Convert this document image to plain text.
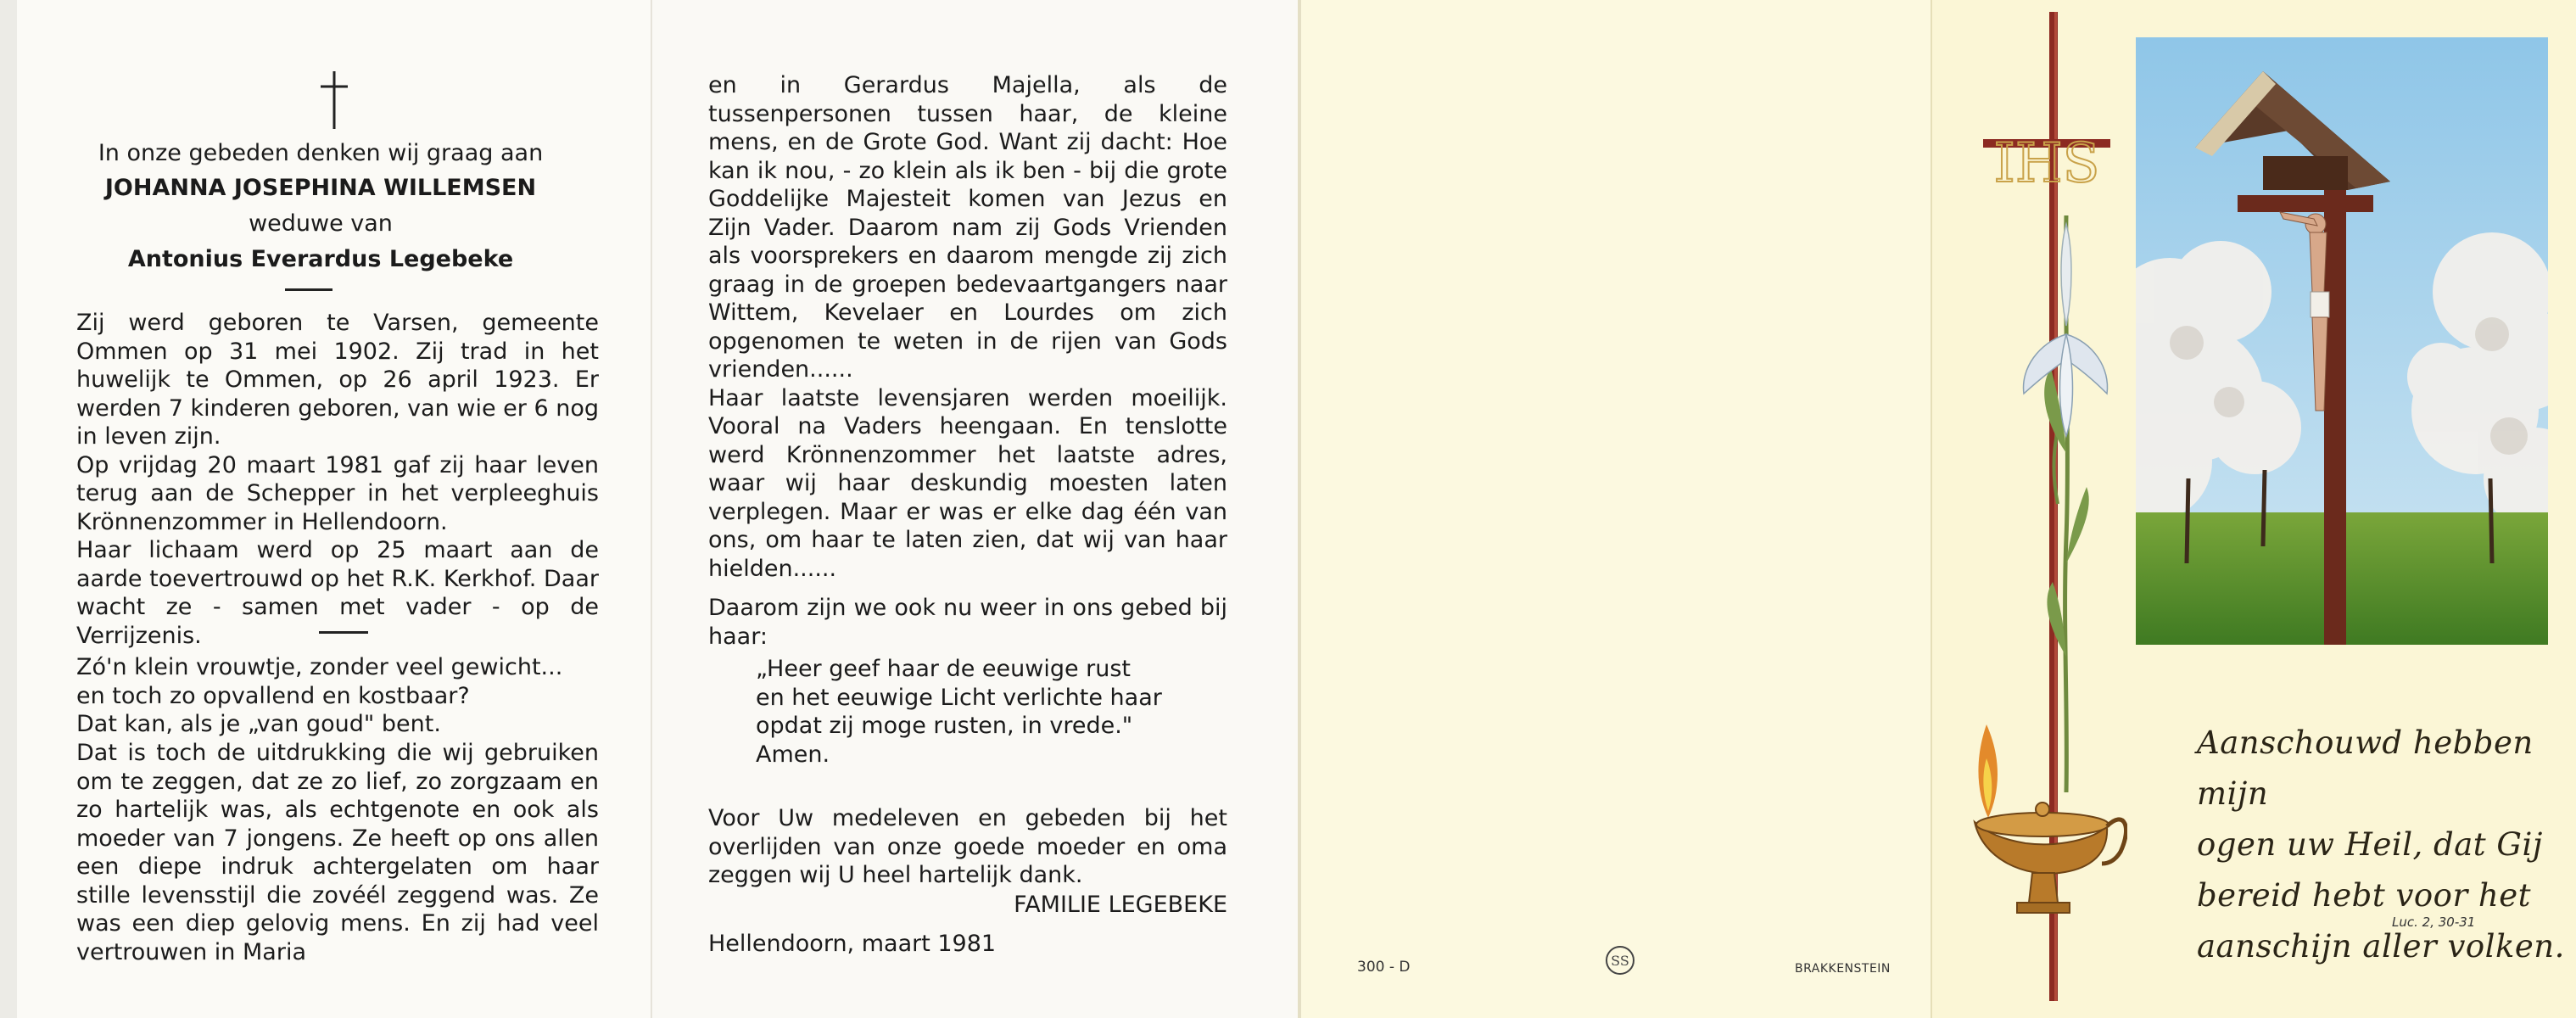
In onze gebeden denken wij graag aan
JOHANNA JOSEPHINA WILLEMSEN
weduwe van
Antonius Everardus Legebeke

Zij werd geboren te Varsen, gemeente Ommen op 31 mei 1902. Zij trad in het huwelijk te Ommen, op 26 april 1923. Er werden 7 kinderen geboren, van wie er 6 nog in leven zijn.

Op vrijdag 20 maart 1981 gaf zij haar leven terug aan de Schepper in het verpleeghuis Krönnenzommer in Hellendoorn.

Haar lichaam werd op 25 maart aan de aarde toevertrouwd op het R.K. Kerkhof. Daar wacht ze - samen met vader - op de Verrijzenis.

Zó'n klein vrouwtje, zonder veel gewicht...
en toch zo opvallend en kostbaar?
Dat kan, als je „van goud" bent.

Dat is toch de uitdrukking die wij gebruiken om te zeggen, dat ze zo lief, zo zorgzaam en zo hartelijk was, als echtgenote en ook als moeder van 7 jongens. Ze heeft op ons allen een diepe indruk achtergelaten om haar stille levensstijl die zovéél zeggend was. Ze was een diep gelovig mens. En zij had veel vertrouwen in Maria

en in Gerardus Majella, als de tussenpersonen tussen haar, de kleine mens, en de Grote God. Want zij dacht: Hoe kan ik nou, - zo klein als ik ben - bij die grote Goddelijke Majesteit komen van Jezus en Zijn Vader. Daarom nam zij Gods Vrienden als voorsprekers en daarom mengde zij zich graag in de groepen bedevaartgangers naar Wittem, Kevelaer en Lourdes om zich opgenomen te weten in de rijen van Gods vrienden......

Haar laatste levensjaren werden moeilijk. Vooral na Vaders heengaan. En tenslotte werd Krönnenzommer het laatste adres, waar wij haar deskundig moesten laten verplegen. Maar er was er elke dag één van ons, om haar te laten zien, dat wij van haar hielden......

Daarom zijn we ook nu weer in ons gebed bij haar:

„Heer geef haar de eeuwige rust
en het eeuwige Licht verlichte haar
opdat zij moge rusten, in vrede."
Amen.

Voor Uw medeleven en gebeden bij het overlijden van onze goede moeder en oma zeggen wij U heel hartelijk dank.

FAMILIE LEGEBEKE
Hellendoorn, maart 1981
300 - D	SS	BRAKKENSTEIN
IHS
Aanschouwd hebben mijn
ogen uw Heil, dat Gij
bereid hebt voor het
aanschijn aller volken.
Luc. 2, 30-31
